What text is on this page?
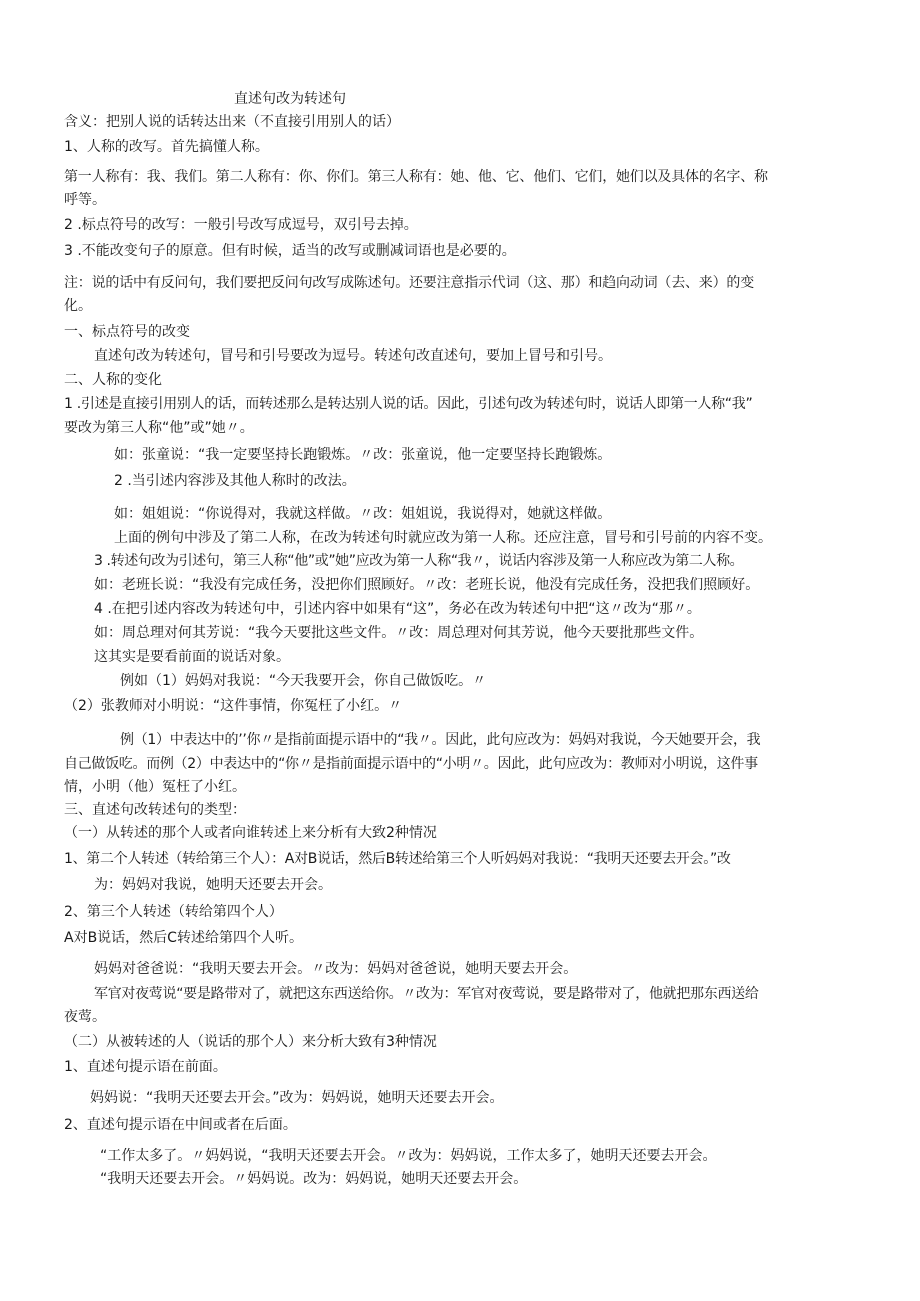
直述句改为转述句
含义：把别人说的话转达出来（不直接引用别人的话）
1、人称的改写。首先搞懂人称。
第一人称有：我、我们。第二人称有：你、你们。第三人称有：她、他、它、他们、它们，她们以及具体的名字、称
呼等。
2 .标点符号的改写：一般引号改写成逗号，双引号去掉。
3 .不能改变句子的原意。但有时候，适当的改写或删减词语也是必要的。
注：说的话中有反问句，我们要把反问句改写成陈述句。还要注意指示代词（这、那）和趋向动词（去、来）的变
化。
一、标点符号的改变
直述句改为转述句，冒号和引号要改为逗号。转述句改直述句，要加上冒号和引号。
二、人称的变化
1 .引述是直接引用别人的话，而转述那么是转达别人说的话。因此，引述句改为转述句时，说话人即第一人称“我”
要改为第三人称“他”或”她〃。
如：张童说：“我一定要坚持长跑锻炼。〃改：张童说，他一定要坚持长跑锻炼。
2 .当引述内容涉及其他人称时的改法。
如：姐姐说：“你说得对，我就这样做。〃改：姐姐说，我说得对，她就这样做。
上面的例句中涉及了第二人称，在改为转述句时就应改为第一人称。还应注意，冒号和引号前的内容不变。
3 .转述句改为引述句，第三人称“他”或”她”应改为第一人称“我〃，说话内容涉及第一人称应改为第二人称。
如：老班长说：“我没有完成任务，没把你们照顾好。〃改：老班长说，他没有完成任务，没把我们照顾好。
4 .在把引述内容改为转述句中，引述内容中如果有“这”，务必在改为转述句中把“这〃改为“那〃。
如：周总理对何其芳说：“我今天要批这些文件。〃改：周总理对何其芳说，他今天要批那些文件。
这其实是要看前面的说话对象。
例如（1）妈妈对我说：“今天我要开会，你自己做饭吃。〃
（2）张教师对小明说：“这件事情，你冤枉了小红。〃
例（1）中表达中的’’你〃是指前面提示语中的“我〃。因此，此句应改为：妈妈对我说，今天她要开会，我
自己做饭吃。而例（2）中表达中的“你〃是指前面提示语中的“小明〃。因此，此句应改为：教师对小明说，这件事
情，小明（他）冤枉了小红。
三、直述句改转述句的类型：
（一）从转述的那个人或者向谁转述上来分析有大致2种情况
1、第二个人转述（转给第三个人）：A对B说话，然后B转述给第三个人听妈妈对我说：“我明天还要去开会。”改
为：妈妈对我说，她明天还要去开会。
2、第三个人转述（转给第四个人）
A对B说话，然后C转述给第四个人听。
妈妈对爸爸说：“我明天要去开会。〃改为：妈妈对爸爸说，她明天要去开会。
军官对夜莺说“要是路带对了，就把这东西送给你。〃改为：军官对夜莺说，要是路带对了，他就把那东西送给
夜莺。
（二）从被转述的人（说话的那个人）来分析大致有3种情况
1、直述句提示语在前面。
妈妈说：“我明天还要去开会。”改为：妈妈说，她明天还要去开会。
2、直述句提示语在中间或者在后面。
“工作太多了。〃妈妈说，“我明天还要去开会。〃改为：妈妈说，工作太多了，她明天还要去开会。
“我明天还要去开会。〃妈妈说。改为：妈妈说，她明天还要去开会。
